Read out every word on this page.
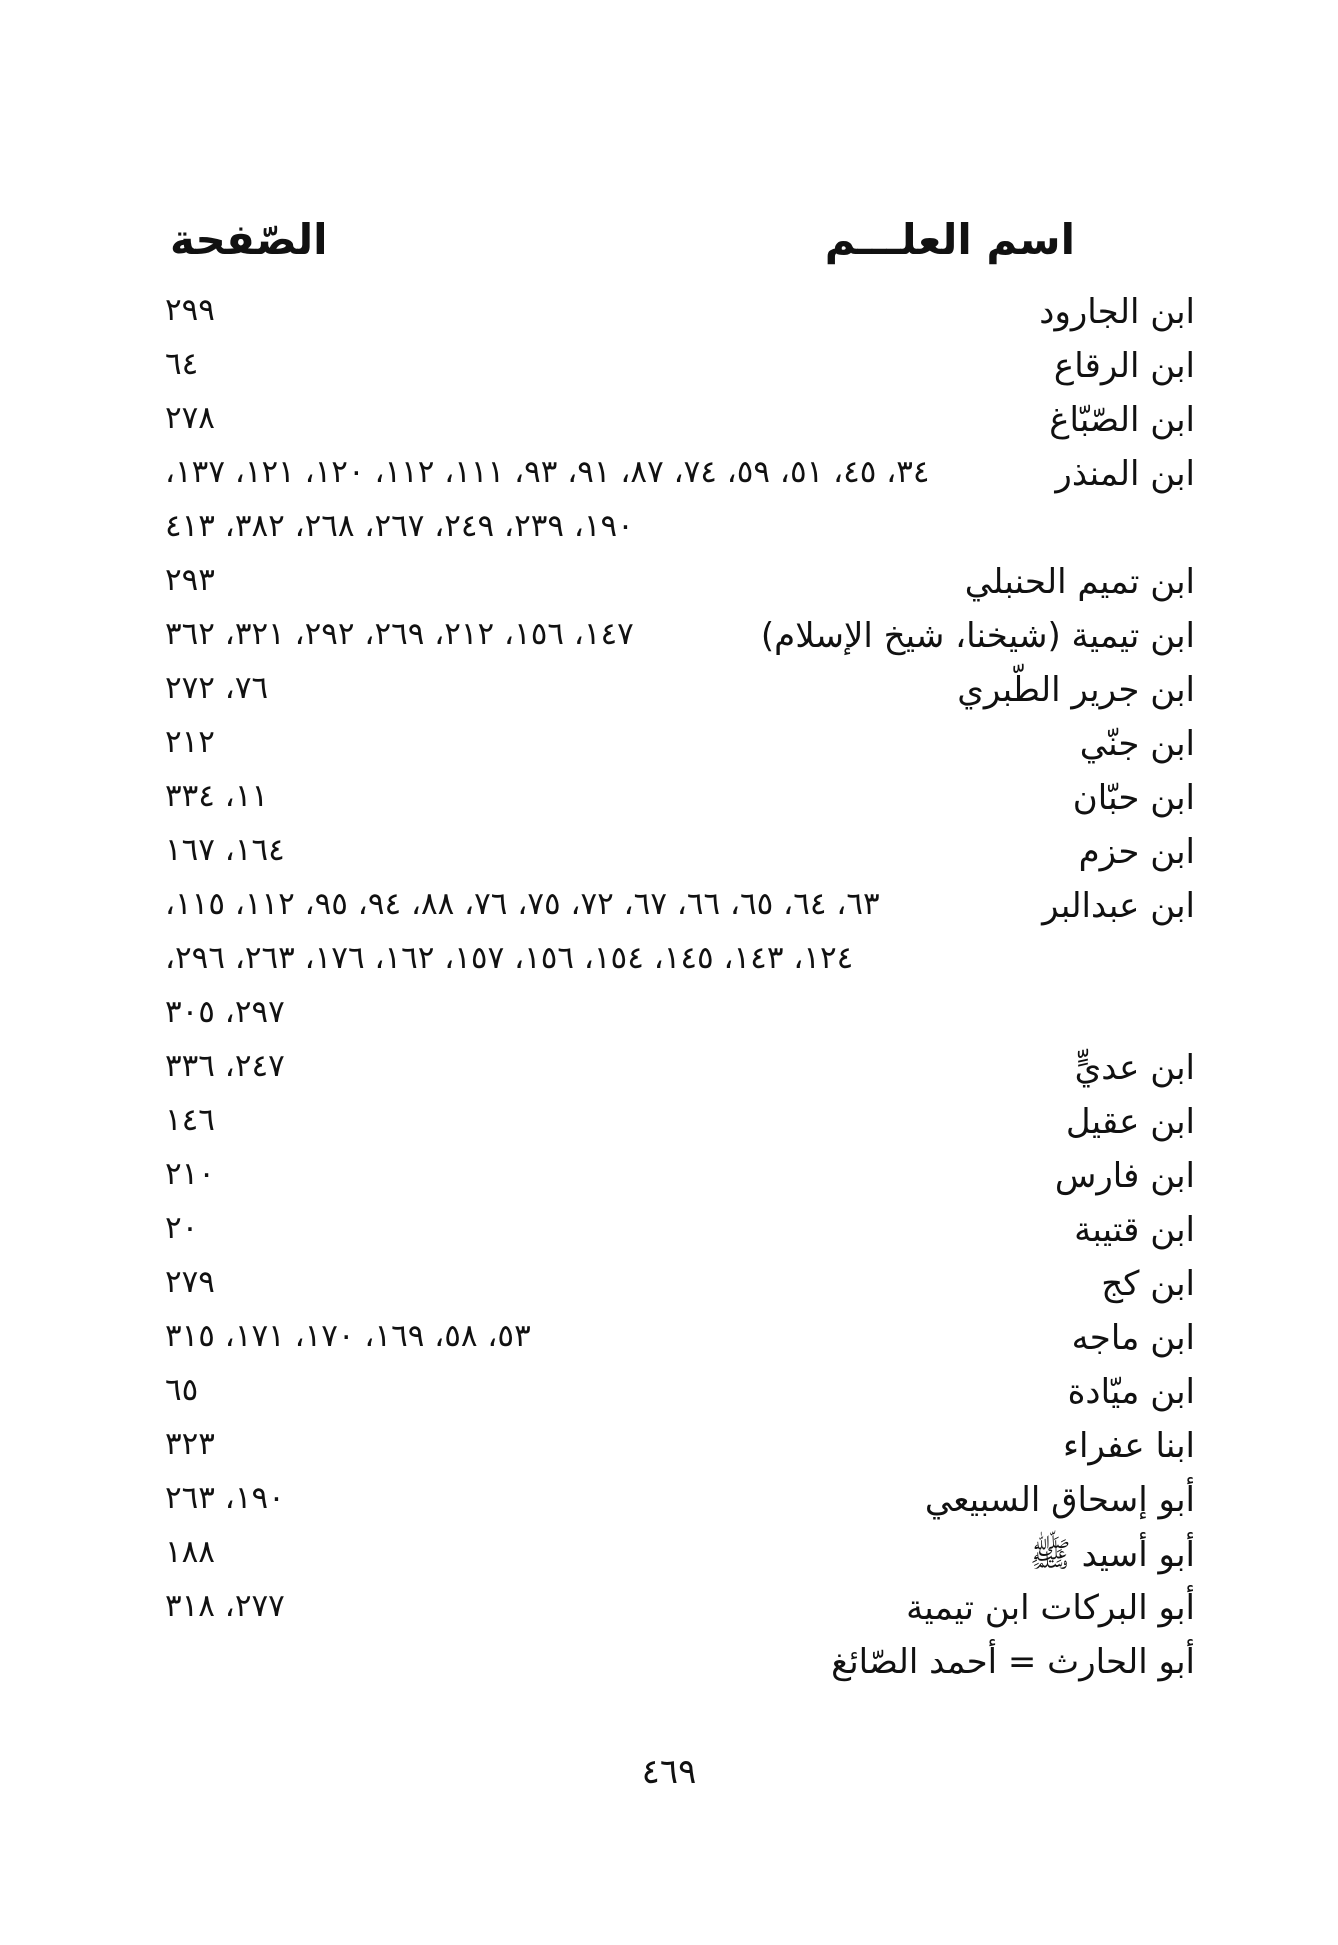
اسم العلـــم
الصّفحة
ابن الجارود
٢٩٩
ابن الرقاع
٦٤
ابن الصّبّاغ
٢٧٨
ابن المنذر
٣٤، ٤٥، ٥١، ٥٩، ٧٤، ٨٧، ٩١، ٩٣، ١١١، ١١٢، ١٢٠، ١٢١، ١٣٧،
١٩٠، ٢٣٩، ٢٤٩، ٢٦٧، ٢٦٨، ٣٨٢، ٤١٣
ابن تميم الحنبلي
٢٩٣
ابن تيمية (شيخنا، شيخ الإسلام)
١٤٧، ١٥٦، ٢١٢، ٢٦٩، ٢٩٢، ٣٢١، ٣٦٢
ابن جرير الطّبري
٧٦، ٢٧٢
ابن جنّي
٢١٢
ابن حبّان
١١، ٣٣٤
ابن حزم
١٦٤، ١٦٧
ابن عبدالبر
٦٣، ٦٤، ٦٥، ٦٦، ٦٧، ٧٢، ٧٥، ٧٦، ٨٨، ٩٤، ٩٥، ١١٢، ١١٥،
١٢٤، ١٤٣، ١٤٥، ١٥٤، ١٥٦، ١٥٧، ١٦٢، ١٧٦، ٢٦٣، ٢٩٦،
٢٩٧، ٣٠٥
ابن عديٍّ
٢٤٧، ٣٣٦
ابن عقيل
١٤٦
ابن فارس
٢١٠
ابن قتيبة
٢٠
ابن كج
٢٧٩
ابن ماجه
٥٣، ٥٨، ١٦٩، ١٧٠، ١٧١، ٣١٥
ابن ميّادة
٦٥
ابنا عفراء
٣٢٣
أبو إسحاق السبيعي
١٩٠، ٢٦٣
أبو أسيد ﷺ
١٨٨
أبو البركات ابن تيمية
٢٧٧، ٣١٨
أبو الحارث = أحمد الصّائغ
٤٦٩
